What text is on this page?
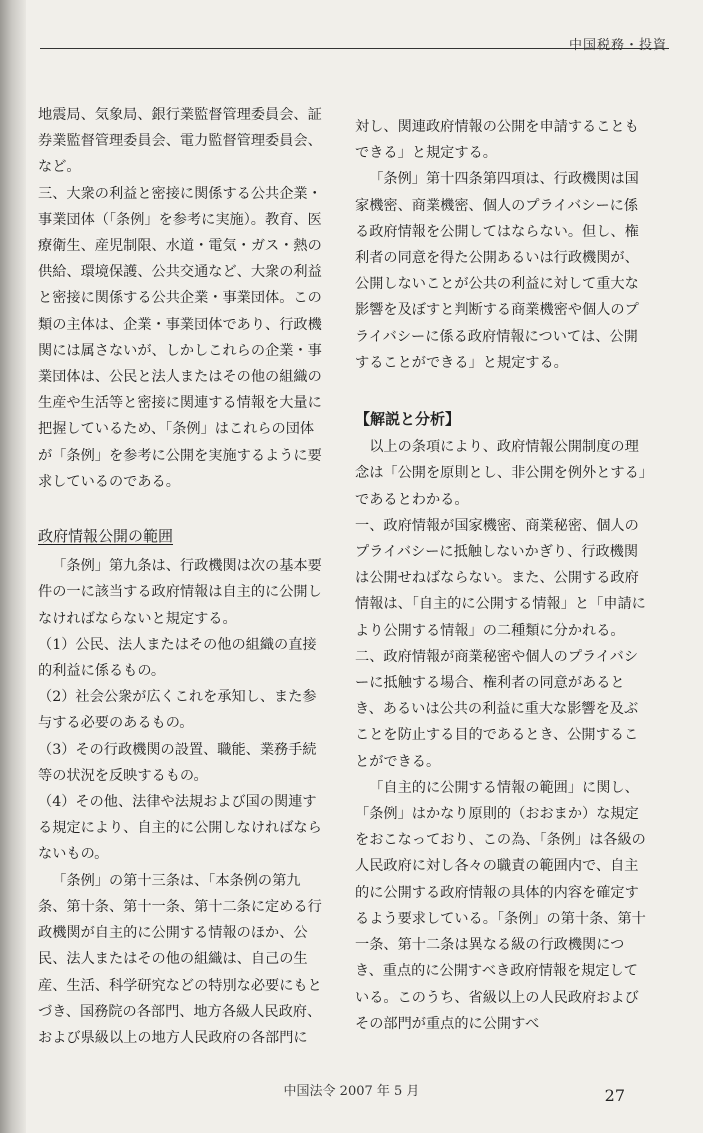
中国税務・投資

地震局、気象局、銀行業監督管理委員会、証券業監督管理委員会、電力監督管理委員会、など。

三、大衆の利益と密接に関係する公共企業・事業団体（「条例」を参考に実施）。教育、医療衛生、産児制限、水道・電気・ガス・熱の供給、環境保護、公共交通など、大衆の利益と密接に関係する公共企業・事業団体。この類の主体は、企業・事業団体であり、行政機関には属さないが、しかしこれらの企業・事業団体は、公民と法人またはその他の組織の生産や生活等と密接に関連する情報を大量に把握しているため、「条例」はこれらの団体が「条例」を参考に公開を実施するように要求しているのである。

政府情報公開の範囲

「条例」第九条は、行政機関は次の基本要件の一に該当する政府情報は自主的に公開しなければならないと規定する。

（1）公民、法人またはその他の組織の直接的利益に係るもの。

（2）社会公衆が広くこれを承知し、また参与する必要のあるもの。

（3）その行政機関の設置、職能、業務手続等の状況を反映するもの。

（4）その他、法律や法規および国の関連する規定により、自主的に公開しなければならないもの。

「条例」の第十三条は、「本条例の第九条、第十条、第十一条、第十二条に定める行政機関が自主的に公開する情報のほか、公民、法人またはその他の組織は、自己の生産、生活、科学研究などの特別な必要にもとづき、国務院の各部門、地方各級人民政府、および県級以上の地方人民政府の各部門に

対し、関連政府情報の公開を申請することもできる」と規定する。

「条例」第十四条第四項は、行政機関は国家機密、商業機密、個人のプライバシーに係る政府情報を公開してはならない。但し、権利者の同意を得た公開あるいは行政機関が、公開しないことが公共の利益に対して重大な影響を及ぼすと判断する商業機密や個人のプライバシーに係る政府情報については、公開することができる」と規定する。

【解説と分析】

以上の条項により、政府情報公開制度の理念は「公開を原則とし、非公開を例外とする」であるとわかる。

一、政府情報が国家機密、商業秘密、個人のプライバシーに抵触しないかぎり、行政機関は公開せねばならない。また、公開する政府情報は、「自主的に公開する情報」と「申請により公開する情報」の二種類に分かれる。

二、政府情報が商業秘密や個人のプライバシーに抵触する場合、権利者の同意があるとき、あるいは公共の利益に重大な影響を及ぶことを防止する目的であるとき、公開することができる。

「自主的に公開する情報の範囲」に関し、「条例」はかなり原則的（おおまか）な規定をおこなっており、この為、「条例」は各級の人民政府に対し各々の職責の範囲内で、自主的に公開する政府情報の具体的内容を確定するよう要求している。「条例」の第十条、第十一条、第十二条は異なる級の行政機関につき、重点的に公開すべき政府情報を規定している。このうち、省級以上の人民政府およびその部門が重点的に公開すべ

中国法令 2007 年 5 月	27
